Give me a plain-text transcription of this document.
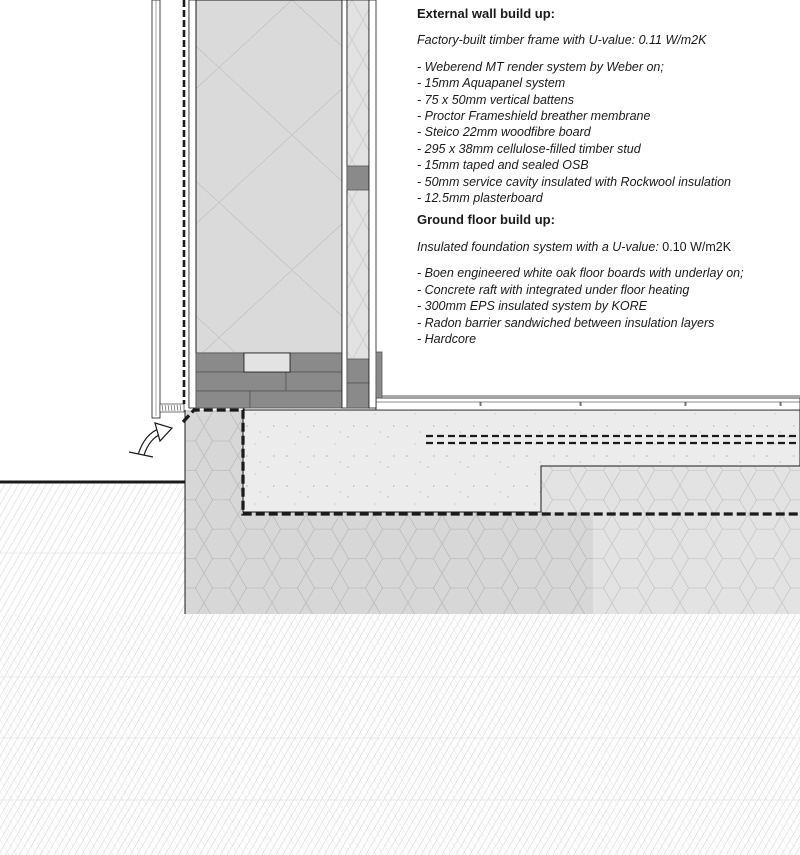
External wall build up:

Factory-built timber frame with U-value: 0.11 W/m2K

- Weberend MT render system by Weber on;
- 15mm Aquapanel system
- 75 x 50mm vertical battens
- Proctor Frameshield breather membrane
- Steico 22mm woodfibre board
- 295 x 38mm cellulose-filled timber stud
- 15mm taped and sealed OSB
- 50mm service cavity insulated with Rockwool insulation
- 12.5mm plasterboard

Ground floor build up:

Insulated foundation system with a U-value: 0.10 W/m2K

- Boen engineered white oak floor boards with underlay on;
- Concrete raft with integrated under floor heating
- 300mm EPS insulated system by KORE
- Radon barrier sandwiched between insulation layers
- Hardcore
